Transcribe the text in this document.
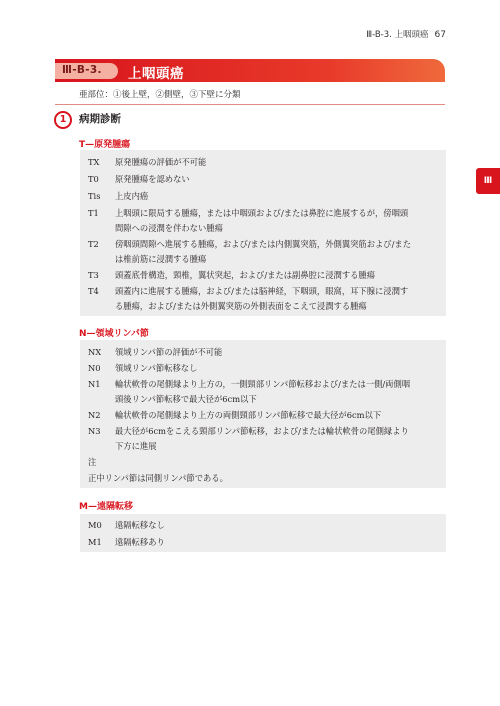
Ⅲ-B-3. 上咽頭癌 67
Ⅲ-B-3. 上咽頭癌
亜部位：①後上壁，②側壁，③下壁に分類
1	病期診断
Ⅲ
T—原発腫瘍
TX	原発腫瘍の評価が不可能
T0	原発腫瘍を認めない
Tis	上皮内癌
T1	上咽頭に限局する腫瘍，または中咽頭および/または鼻腔に進展するが，傍咽頭
間隙への浸潤を伴わない腫瘍
T2	傍咽頭間隙へ進展する腫瘍，および/または内側翼突筋，外側翼突筋および/また
は椎前筋に浸潤する腫瘍
T3	頭蓋底骨構造，頸椎，翼状突起，および/または副鼻腔に浸潤する腫瘍
T4	頭蓋内に進展する腫瘍，および/または脳神経，下咽頭，眼窩，耳下腺に浸潤す
る腫瘍，および/または外側翼突筋の外側表面をこえて浸潤する腫瘍
N—領域リンパ節
NX	領域リンパ節の評価が不可能
N0	領域リンパ節転移なし
N1	輪状軟骨の尾側縁より上方の，一側頸部リンパ節転移および/または一側/両側咽
頭後リンパ節転移で最大径が6cm以下
N2	輪状軟骨の尾側縁より上方の両側頸部リンパ節転移で最大径が6cm以下
N3	最大径が6cmをこえる頸部リンパ節転移，および/または輪状軟骨の尾側縁より
下方に進展
注
正中リンパ節は同側リンパ節である。
M—遠隔転移
M0	遠隔転移なし
M1	遠隔転移あり
